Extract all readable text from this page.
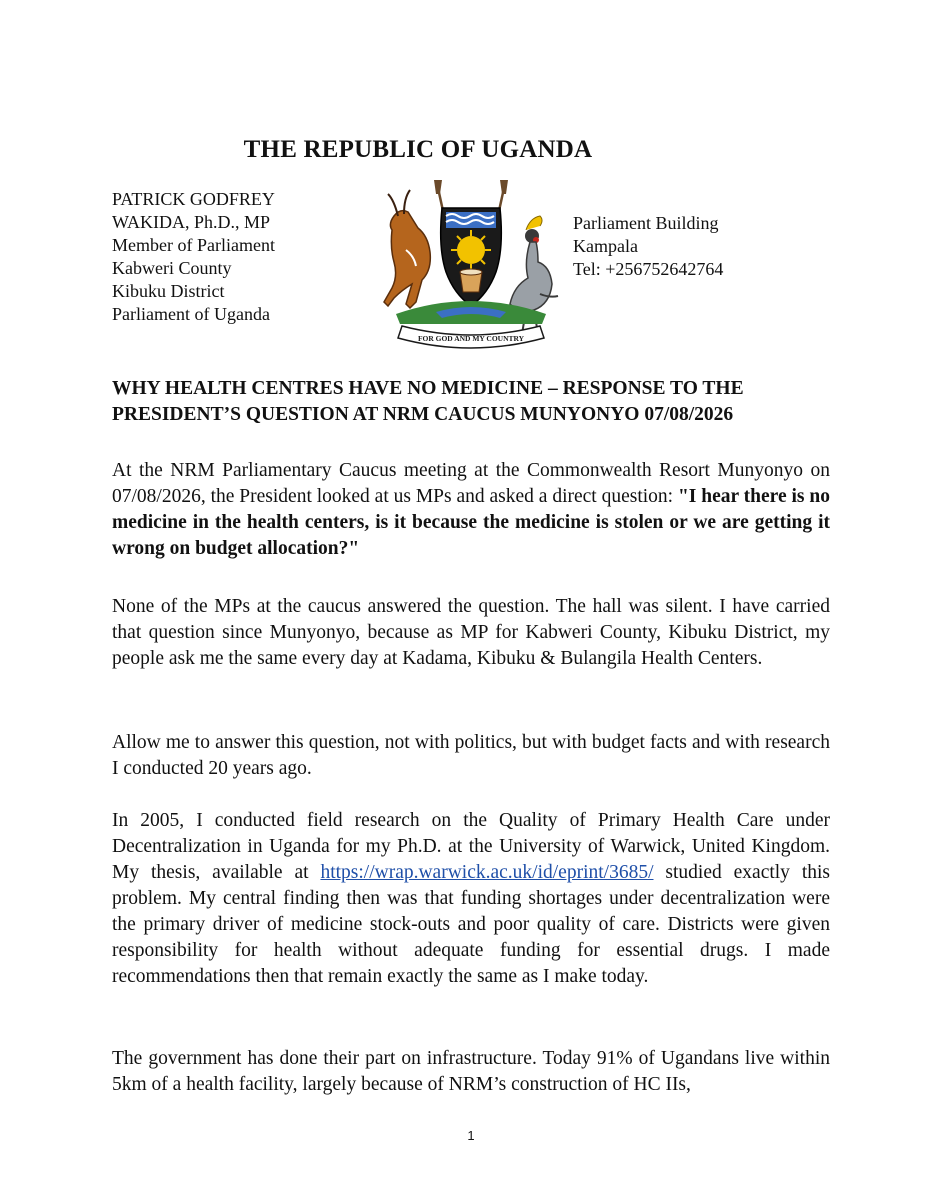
THE REPUBLIC OF UGANDA
PATRICK GODFREY
WAKIDA, Ph.D., MP
Member of Parliament
Kabweri County
Kibuku District
Parliament of Uganda
FOR GOD AND MY COUNTRY
Parliament Building
Kampala
Tel: +256752642764
WHY HEALTH CENTRES HAVE NO MEDICINE – RESPONSE TO THE
PRESIDENT’S QUESTION AT NRM CAUCUS MUNYONYO 07/08/2026

At the NRM Parliamentary Caucus meeting at the Commonwealth Resort Munyonyo on 07/08/2026, the President looked at us MPs and asked a direct question: "I hear there is no medicine in the health centers, is it because the medicine is stolen or we are getting it wrong on budget allocation?"

None of the MPs at the caucus answered the question. The hall was silent. I have carried that question since Munyonyo, because as MP for Kabweri County, Kibuku District, my people ask me the same every day at Kadama, Kibuku & Bulangila Health Centers.

Allow me to answer this question, not with politics, but with budget facts and with research I conducted 20 years ago.

In 2005, I conducted field research on the Quality of Primary Health Care under Decentralization in Uganda for my Ph.D. at the University of Warwick, United Kingdom. My thesis, available at https://wrap.warwick.ac.uk/id/eprint/3685/ studied exactly this problem. My central finding then was that funding shortages under decentralization were the primary driver of medicine stock-outs and poor quality of care. Districts were given responsibility for health without adequate funding for essential drugs. I made recommendations then that remain exactly the same as I make today.

The government has done their part on infrastructure. Today 91% of Ugandans live within 5km of a health facility, largely because of NRM’s construction of HC IIs,

1
